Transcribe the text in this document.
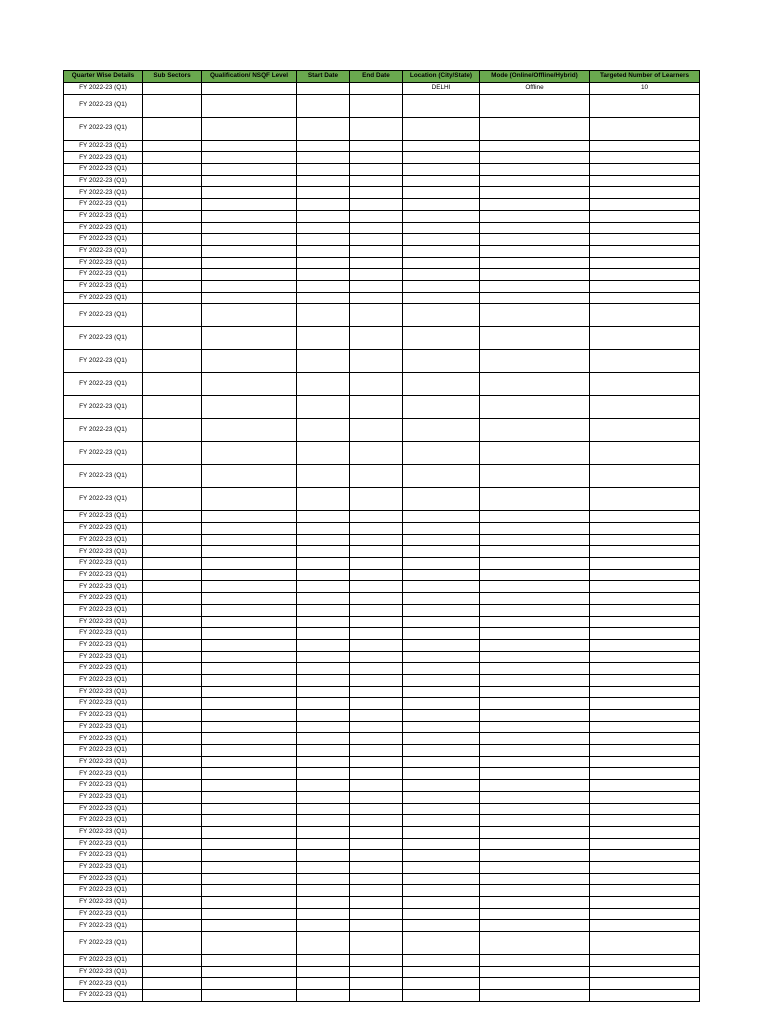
Quarter Wise Details	Sub Sectors	Qualification/ NSQF Level	Start Date	End Date	Location (City/State)	Mode (Online/Offline/Hybrid)	Targeted Number of Learners
FY 2022-23 (Q1)					DELHI	Offline	10
FY 2022-23 (Q1)							
FY 2022-23 (Q1)							
FY 2022-23 (Q1)							
FY 2022-23 (Q1)							
FY 2022-23 (Q1)							
FY 2022-23 (Q1)							
FY 2022-23 (Q1)							
FY 2022-23 (Q1)							
FY 2022-23 (Q1)							
FY 2022-23 (Q1)							
FY 2022-23 (Q1)							
FY 2022-23 (Q1)							
FY 2022-23 (Q1)							
FY 2022-23 (Q1)							
FY 2022-23 (Q1)							
FY 2022-23 (Q1)							
FY 2022-23 (Q1)							
FY 2022-23 (Q1)							
FY 2022-23 (Q1)							
FY 2022-23 (Q1)							
FY 2022-23 (Q1)							
FY 2022-23 (Q1)							
FY 2022-23 (Q1)							
FY 2022-23 (Q1)							
FY 2022-23 (Q1)							
FY 2022-23 (Q1)							
FY 2022-23 (Q1)							
FY 2022-23 (Q1)							
FY 2022-23 (Q1)							
FY 2022-23 (Q1)							
FY 2022-23 (Q1)							
FY 2022-23 (Q1)							
FY 2022-23 (Q1)							
FY 2022-23 (Q1)							
FY 2022-23 (Q1)							
FY 2022-23 (Q1)							
FY 2022-23 (Q1)							
FY 2022-23 (Q1)							
FY 2022-23 (Q1)							
FY 2022-23 (Q1)							
FY 2022-23 (Q1)							
FY 2022-23 (Q1)							
FY 2022-23 (Q1)							
FY 2022-23 (Q1)							
FY 2022-23 (Q1)							
FY 2022-23 (Q1)							
FY 2022-23 (Q1)							
FY 2022-23 (Q1)							
FY 2022-23 (Q1)							
FY 2022-23 (Q1)							
FY 2022-23 (Q1)							
FY 2022-23 (Q1)							
FY 2022-23 (Q1)							
FY 2022-23 (Q1)							
FY 2022-23 (Q1)							
FY 2022-23 (Q1)							
FY 2022-23 (Q1)							
FY 2022-23 (Q1)							
FY 2022-23 (Q1)							
FY 2022-23 (Q1)							
FY 2022-23 (Q1)							
FY 2022-23 (Q1)							
FY 2022-23 (Q1)							
FY 2022-23 (Q1)							
FY 2022-23 (Q1)							
FY 2022-23 (Q1)							
